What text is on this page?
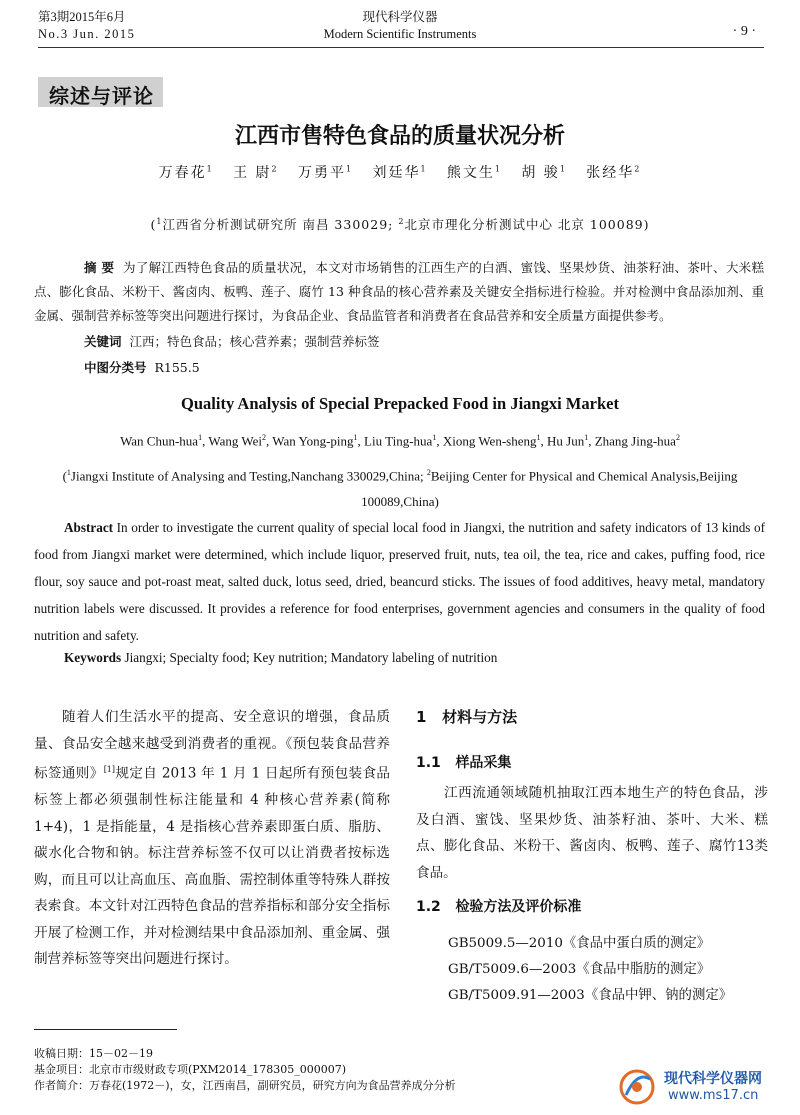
第3期2015年6月
No.3 Jun. 2015
现代科学仪器
Modern Scientific Instruments	· 9 ·
综述与评论
江西市售特色食品的质量状况分析
万春花$^1$ 王 尉$^2$ 万勇平$^1$ 刘廷华$^1$ 熊文生$^1$ 胡 骏$^1$ 张经华$^2$
($^1$江西省分析测试研究所 南昌 330029; $^2$北京市理化分析测试中心 北京 100089)
摘 要 为了解江西特色食品的质量状况，本文对市场销售的江西生产的白酒、蜜饯、坚果炒货、油茶籽油、茶叶、大米糕点、膨化食品、米粉干、酱卤肉、板鸭、莲子、腐竹 13 种食品的核心营养素及关键安全指标进行检验。并对检测中食品添加剂、重金属、强制营养标签等突出问题进行探讨，为食品企业、食品监管者和消费者在食品营养和安全质量方面提供参考。
关键词 江西；特色食品；核心营养素；强制营养标签
中图分类号 R155.5
Quality Analysis of Special Prepacked Food in Jiangxi Market
Wan Chun-hua$^1$, Wang Wei$^2$, Wan Yong-ping$^1$, Liu Ting-hua$^1$, Xiong Wen-sheng$^1$, Hu Jun$^1$, Zhang Jing-hua$^2$
($^1$Jiangxi Institute of Analysing and Testing,Nanchang 330029,China; $^2$Beijing Center for Physical and Chemical Analysis,Beijing 100089,China)
Abstract In order to investigate the current quality of special local food in Jiangxi, the nutrition and safety indicators of 13 kinds of food from Jiangxi market were determined, which include liquor, preserved fruit, nuts, tea oil, the tea, rice and cakes, puffing food, rice flour, soy sauce and pot-roast meat, salted duck, lotus seed, dried, beancurd sticks. The issues of food additives, heavy metal, mandatory nutrition labels were discussed. It provides a reference for food enterprises, government agencies and consumers in the quality of food nutrition and safety.
Keywords Jiangxi; Specialty food; Key nutrition; Mandatory labeling of nutrition
随着人们生活水平的提高、安全意识的增强，食品质量、食品安全越来越受到消费者的重视。《预包装食品营养标签通则》[1]规定自 2013 年 1 月 1 日起所有预包装食品标签上都必须强制性标注能量和 4 种核心营养素(简称 1+4)，1 是指能量，4 是指核心营养素即蛋白质、脂肪、碳水化合物和钠。标注营养标签不仅可以让消费者按标选购，而且可以让高血压、高血脂、需控制体重等特殊人群按表索食。本文针对江西特色食品的营养指标和部分安全指标开展了检测工作，并对检测结果中食品添加剂、重金属、强制营养标签等突出问题进行探讨。
1 材料与方法
1.1 样品采集
江西流通领域随机抽取江西本地生产的特色食品，涉及白酒、蜜饯、坚果炒货、油茶籽油、茶叶、大米、糕点、膨化食品、米粉干、酱卤肉、板鸭、莲子、腐竹13类食品。
1.2 检验方法及评价标准
GB5009.5—2010《食品中蛋白质的测定》
GB/T5009.6—2003《食品中脂肪的测定》
GB/T5009.91—2003《食品中钾、钠的测定》
收稿日期：15－02－19
基金项目：北京市市级财政专项(PXM2014_178305_000007)
作者简介：万春花(1972－)，女，江西南昌，副研究员，研究方向为食品营养成分分析	现代科学仪器网
www.ms17.cn
